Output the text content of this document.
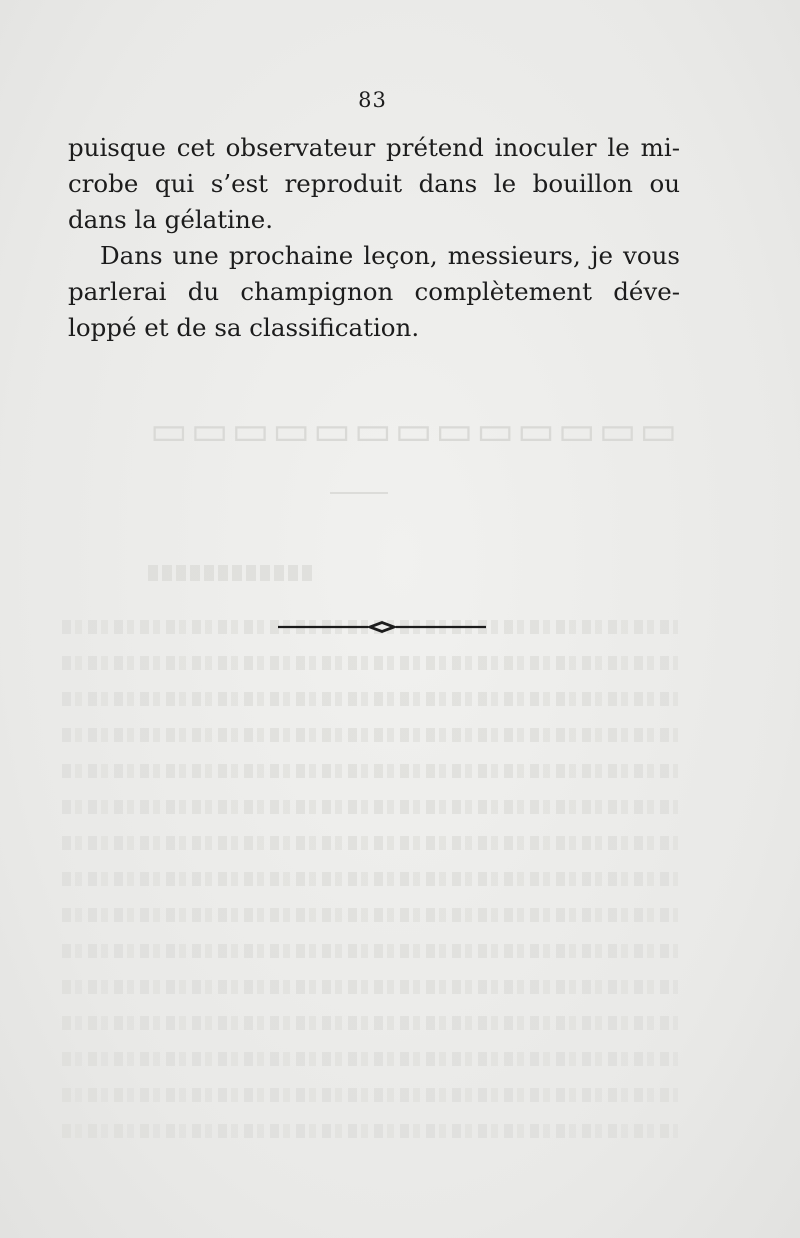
▭▭▭▭▭▭▭▭▭▭▭▭▭
83
puisque cet observateur prétend inoculer le mi-
crobe qui s’est reproduit dans le bouillon ou
dans la gélatine.
Dans une prochaine leçon, messieurs, je vous
parlerai du champignon complètement déve-
loppé et de sa classification.
